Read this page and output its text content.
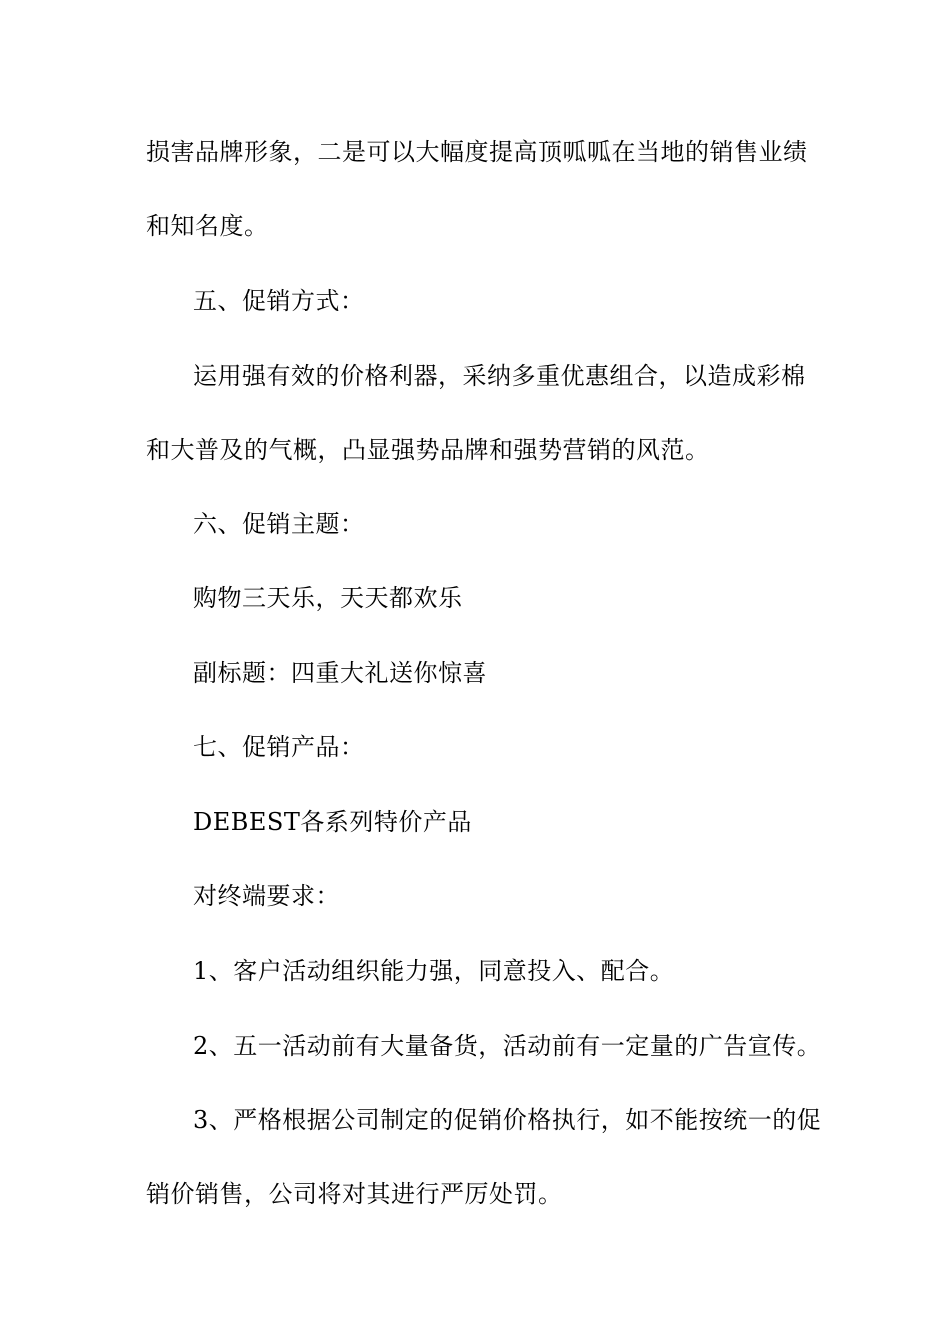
损害品牌形象，二是可以大幅度提高顶呱呱在当地的销售业绩
和知名度。
五、促销方式：
运用强有效的价格利器，采纳多重优惠组合，以造成彩棉
和大普及的气概，凸显强势品牌和强势营销的风范。
六、促销主题：
购物三天乐，天天都欢乐
副标题：四重大礼送你惊喜
七、促销产品：
DEBEST各系列特价产品
对终端要求：
1、客户活动组织能力强，同意投入、配合。
2、五一活动前有大量备货，活动前有一定量的广告宣传。
3、严格根据公司制定的促销价格执行，如不能按统一的促
销价销售，公司将对其进行严厉处罚。
